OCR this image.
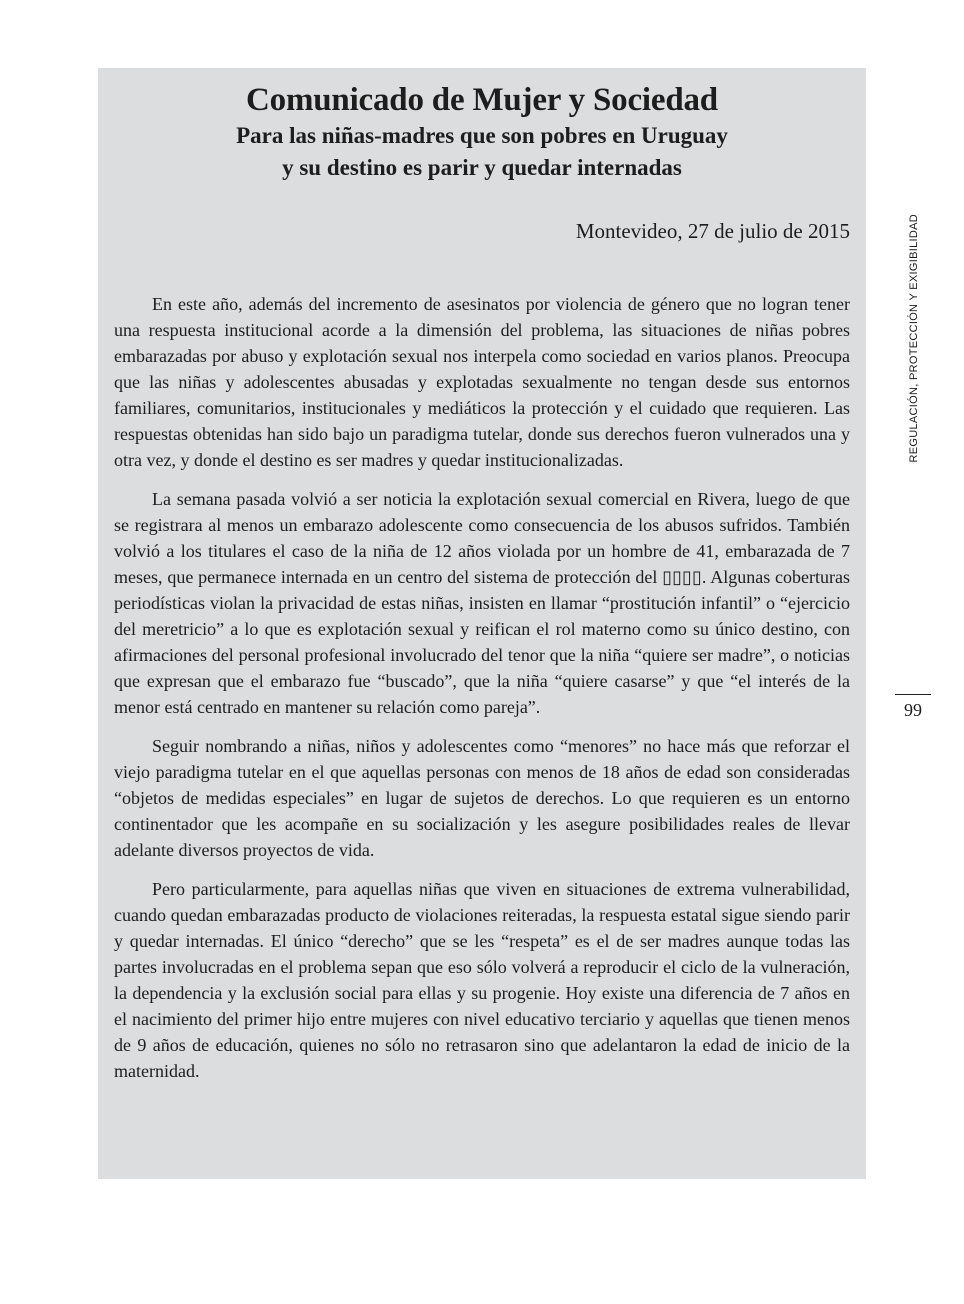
Comunicado de Mujer y Sociedad
Para las niñas-madres que son pobres en Uruguay
y su destino es parir y quedar internadas
Montevideo, 27 de julio de 2015

En este año, además del incremento de asesinatos por violencia de género que no logran tener una respuesta institucional acorde a la dimensión del problema, las situaciones de niñas pobres embarazadas por abuso y explotación sexual nos interpela como sociedad en varios planos. Preocupa que las niñas y adolescentes abusadas y explotadas sexualmente no tengan desde sus entornos familiares, comunitarios, institucionales y mediáticos la protección y el cuidado que requieren. Las respuestas obtenidas han sido bajo un paradigma tutelar, donde sus derechos fueron vulnerados una y otra vez, y donde el destino es ser madres y quedar institucionalizadas.

La semana pasada volvió a ser noticia la explotación sexual comercial en Rivera, luego de que se registrara al menos un embarazo adolescente como consecuencia de los abusos sufridos. También volvió a los titulares el caso de la niña de 12 años violada por un hombre de 41, embarazada de 7 meses, que permanece internada en un centro del sistema de protección del ▯▯▯▯. Algunas coberturas periodísticas violan la privacidad de estas niñas, insisten en llamar “prostitución infantil” o “ejercicio del meretricio” a lo que es explotación sexual y reifican el rol materno como su único destino, con afirmaciones del personal profesional involucrado del tenor que la niña “quiere ser madre”, o noticias que expresan que el embarazo fue “buscado”, que la niña “quiere casarse” y que “el interés de la menor está centrado en mantener su relación como pareja”.

Seguir nombrando a niñas, niños y adolescentes como “menores” no hace más que reforzar el viejo paradigma tutelar en el que aquellas personas con menos de 18 años de edad son consideradas “objetos de medidas especiales” en lugar de sujetos de derechos. Lo que requieren es un entorno continentador que les acompañe en su socialización y les asegure posibilidades reales de llevar adelante diversos proyectos de vida.

Pero particularmente, para aquellas niñas que viven en situaciones de extrema vulnerabilidad, cuando quedan embarazadas producto de violaciones reiteradas, la respuesta estatal sigue siendo parir y quedar internadas. El único “derecho” que se les “respeta” es el de ser madres aunque todas las partes involucradas en el problema sepan que eso sólo volverá a reproducir el ciclo de la vulneración, la dependencia y la exclusión social para ellas y su progenie. Hoy existe una diferencia de 7 años en el nacimiento del primer hijo entre mujeres con nivel educativo terciario y aquellas que tienen menos de 9 años de educación, quienes no sólo no retrasaron sino que adelantaron la edad de inicio de la maternidad.

REGULACIÓN, PROTECCIÓN Y EXIGIBILIDAD
99
